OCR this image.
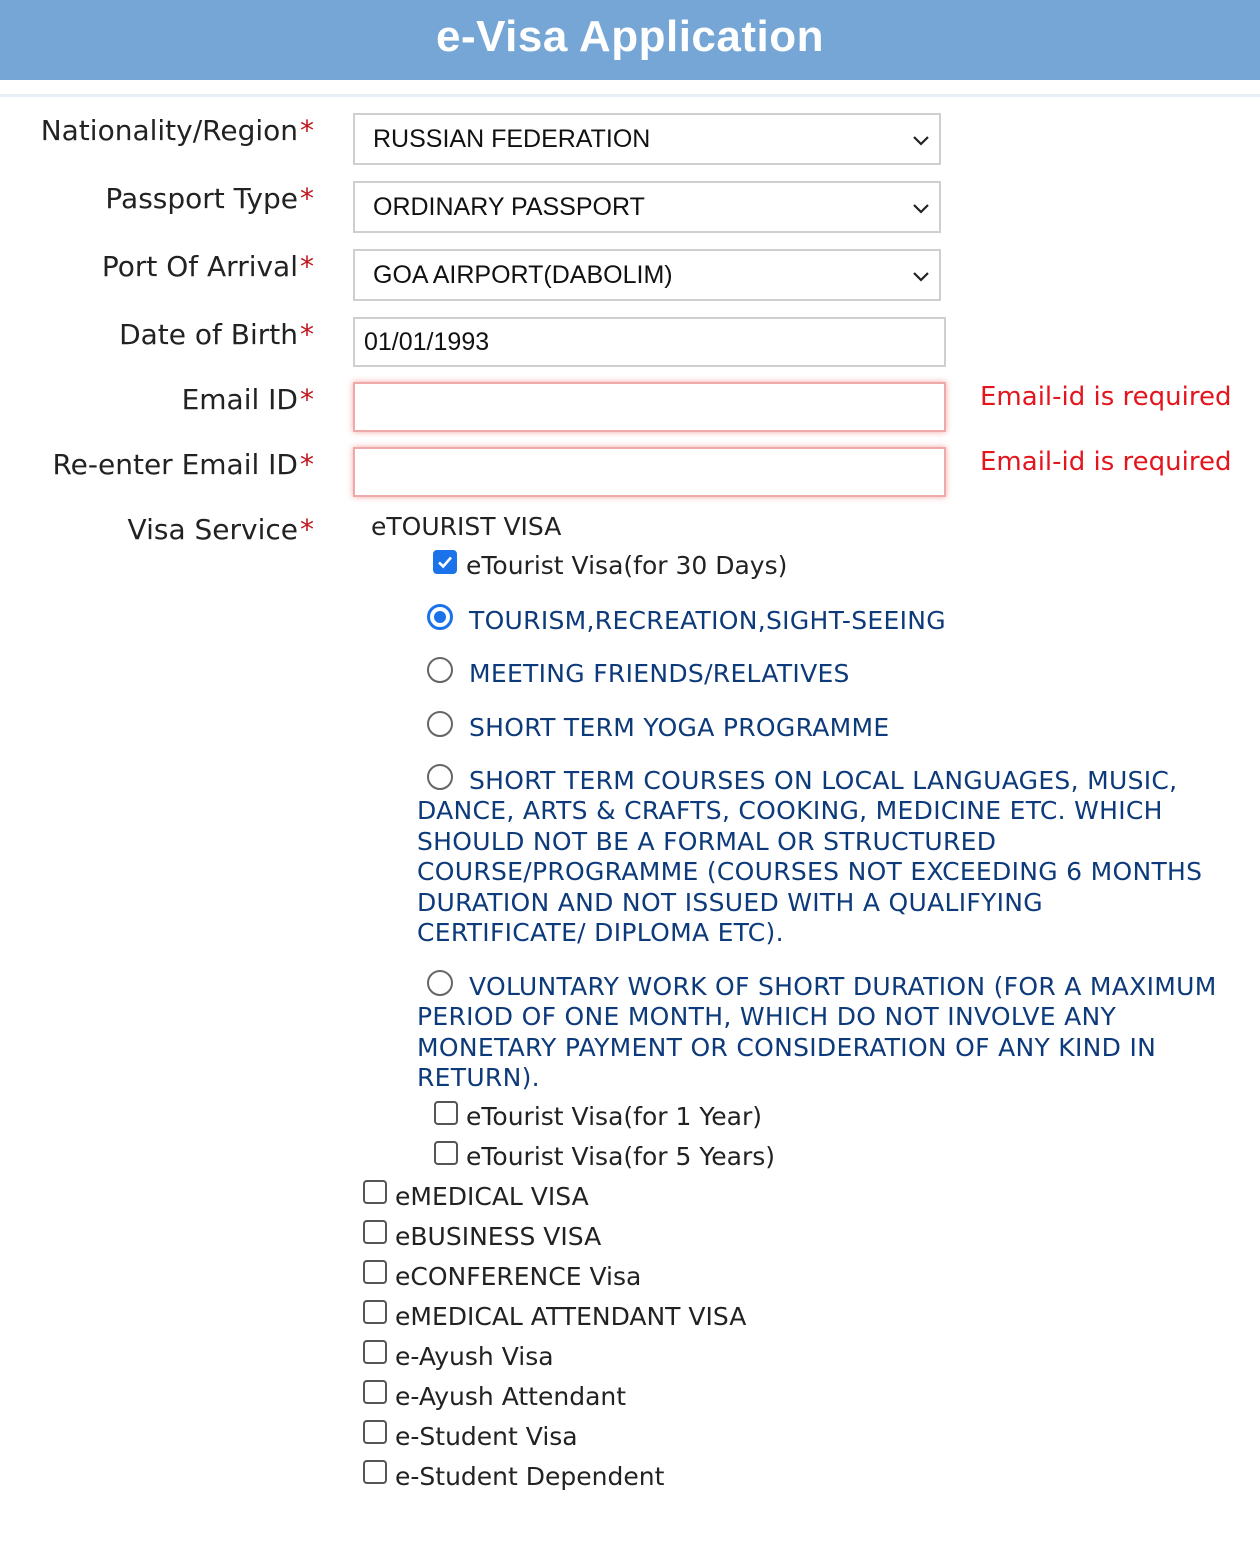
e-Visa Application
Nationality/Region* RUSSIAN FEDERATION
Passport Type* ORDINARY PASSPORT
Port Of Arrival* GOA AIRPORT(DABOLIM)
Date of Birth* 01/01/1993
Email ID*	Email-id is required
Re-enter Email ID*	Email-id is required
Visa Service* eTOURIST VISA
eTourist Visa(for 30 Days)
TOURISM,RECREATION,SIGHT-SEEING
MEETING FRIENDS/RELATIVES
SHORT TERM YOGA PROGRAMME
SHORT TERM COURSES ON LOCAL LANGUAGES, MUSIC, DANCE, ARTS & CRAFTS, COOKING, MEDICINE ETC. WHICH SHOULD NOT BE A FORMAL OR STRUCTURED COURSE/PROGRAMME (COURSES NOT EXCEEDING 6 MONTHS DURATION AND NOT ISSUED WITH A QUALIFYING CERTIFICATE/ DIPLOMA ETC).
VOLUNTARY WORK OF SHORT DURATION (FOR A MAXIMUM PERIOD OF ONE MONTH, WHICH DO NOT INVOLVE ANY MONETARY PAYMENT OR CONSIDERATION OF ANY KIND IN RETURN).
eTourist Visa(for 1 Year)
eTourist Visa(for 5 Years)
eMEDICAL VISA
eBUSINESS VISA
eCONFERENCE Visa
eMEDICAL ATTENDANT VISA
e-Ayush Visa
e-Ayush Attendant
e-Student Visa
e-Student Dependent
